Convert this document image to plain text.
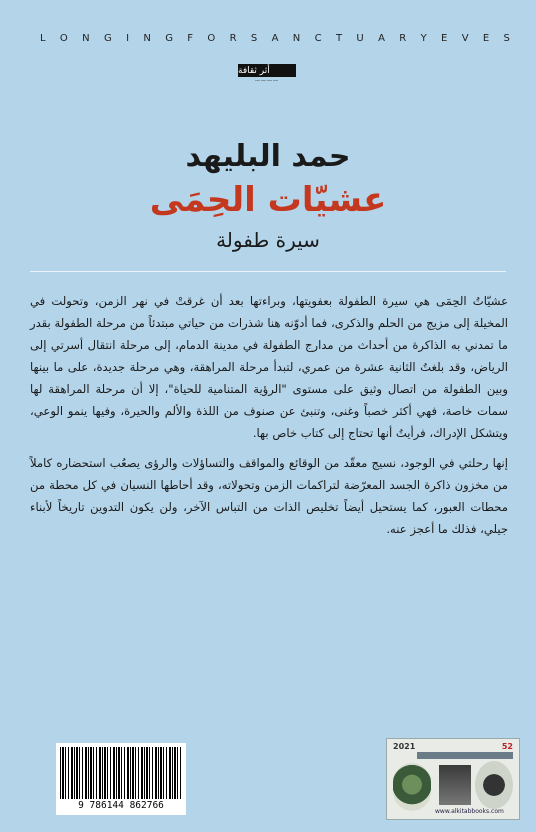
L O N G I N G F O R S A N C T U A R Y E V E S
أثر ثقافة
――――
حمد البليهد
عشيّات الحِمَى
سيرة طفولة

عشيّاتُ الحِمَى هي سيرة الطفولة بعفويتها، وبراءتها بعد أن غرقتْ في نهر الزمن، وتحولت في المخيلة إلى مزيج من الحلم والذكرى، فما أدوّنه هنا شذرات من حياتي مبتدئاً من مرحلة الطفولة بقدر ما تمدني به الذاكرة من أحداث من مدارج الطفولة في مدينة الدمام، إلى مرحلة انتقال أسرتي إلى الرياض، وقد بلغتُ الثانية عشرة من عمري، لتبدأ مرحلة المراهقة، وهي مرحلة جديدة، على ما بينها وبين الطفولة من اتصال وثيق على مستوى "الرؤية المتنامية للحياة"، إلا أن مرحلة المراهقة لها سمات خاصة، فهي أكثر خصباً وغنى، وتنبئ عن صنوف من اللذة والألم والحيرة، وفيها ينمو الوعي، ويتشكل الإدراك، فرأيتُ أنها تحتاج إلى كتاب خاص بها.

إنها رحلتي في الوجود، نسيج معقّد من الوقائع والمواقف والتساؤلات والرؤى يصعُب استحضاره كاملاً من مخزون ذاكرة الجسد المعرّضة لتراكمات الزمن وتحولاته، وقد أحاطها النسيان في كل محطة من محطات العبور، كما يستحيل أيضاً تخليص الذات من التباس الآخر، ولن يكون التدوين تاريخاً لأبناء جيلي، فذلك ما أعجز عنه.

9 786144 862766
2021	52
www.alkitabbooks.com
